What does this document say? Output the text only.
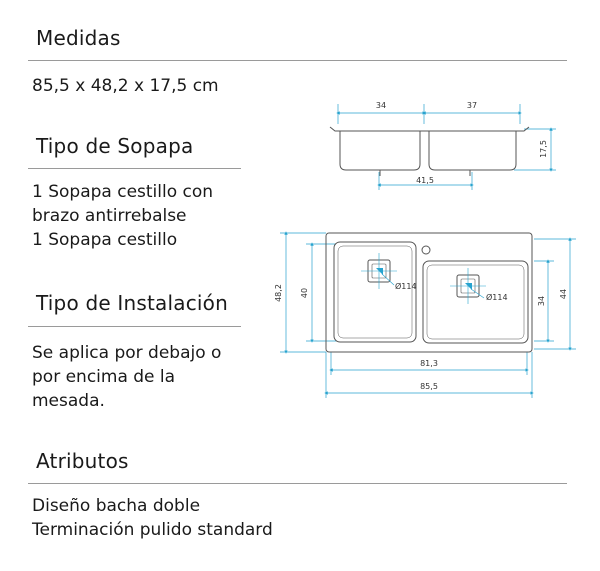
Medidas

85,5 x 48,2 x 17,5 cm

Tipo de Sopapa

1 Sopapa cestillo con
brazo antirrebalse
1 Sopapa cestillo

Tipo de Instalación

Se aplica por debajo o
por encima de la
mesada.

Atributos

Diseño bacha doble
Terminación pulido standard

34	37
17,5
41,5
48,2 40
Ø114
Ø114	34
44
81,3
85,5
